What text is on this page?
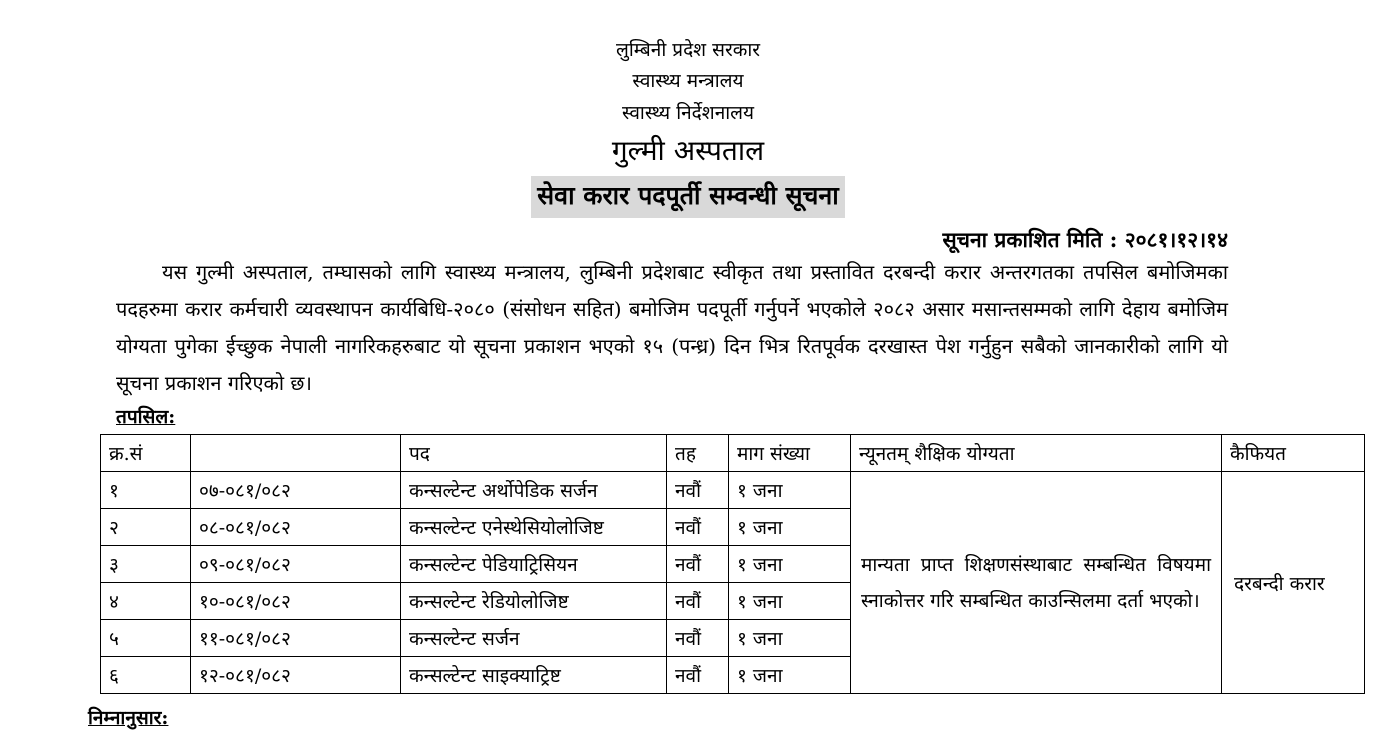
लुम्बिनी प्रदेश सरकार
स्वास्थ्य मन्त्रालय
स्वास्थ्य निर्देशनालय
गुल्मी अस्पताल
सेवा करार पदपूर्ती सम्वन्धी सूचना
सूचना प्रकाशित मिति : २०८१।१२।१४
यस गुल्मी अस्पताल, तम्घासको लागि स्वास्थ्य मन्त्रालय, लुम्बिनी प्रदेशबाट स्वीकृत तथा प्रस्तावित दरबन्दी करार अन्तरगतका तपसिल बमोजिमका पदहरुमा करार कर्मचारी व्यवस्थापन कार्यबिधि-२०८० (संसोधन सहित) बमोजिम पदपूर्ती गर्नुपर्ने भएकोले २०८२ असार मसान्तसम्मको लागि देहाय बमोजिम योग्यता पुगेका ईच्छुक नेपाली नागरिकहरुबाट यो सूचना प्रकाशन भएको १५ (पन्ध्र) दिन भित्र रितपूर्वक दरखास्त पेश गर्नुहुन सबैको जानकारीको लागि यो सूचना प्रकाशन गरिएको छ।
तपसिल:
क्र.सं		पद	तह	माग संख्या	न्यूनतम् शैक्षिक योग्यता	कैफियत
१	०७-०८१/०८२	कन्सल्टेन्ट अर्थोपेडिक सर्जन	नवौं	१ जना	मान्यता प्राप्त शिक्षणसंस्थाबाट सम्बन्धित विषयमा स्नाकोत्तर गरि सम्बन्धित काउन्सिलमा दर्ता भएको।	दरबन्दी करार
२	०८-०८१/०८२	कन्सल्टेन्ट एनेस्थेसियोलोजिष्ट	नवौं	१ जना		
३	०९-०८१/०८२	कन्सल्टेन्ट पेडियाट्रिसियन	नवौं	१ जना		
४	१०-०८१/०८२	कन्सल्टेन्ट रेडियोलोजिष्ट	नवौं	१ जना		
५	११-०८१/०८२	कन्सल्टेन्ट सर्जन	नवौं	१ जना		
६	१२-०८१/०८२	कन्सल्टेन्ट साइक्याट्रिष्ट	नवौं	१ जना		
निम्नानुसार:
